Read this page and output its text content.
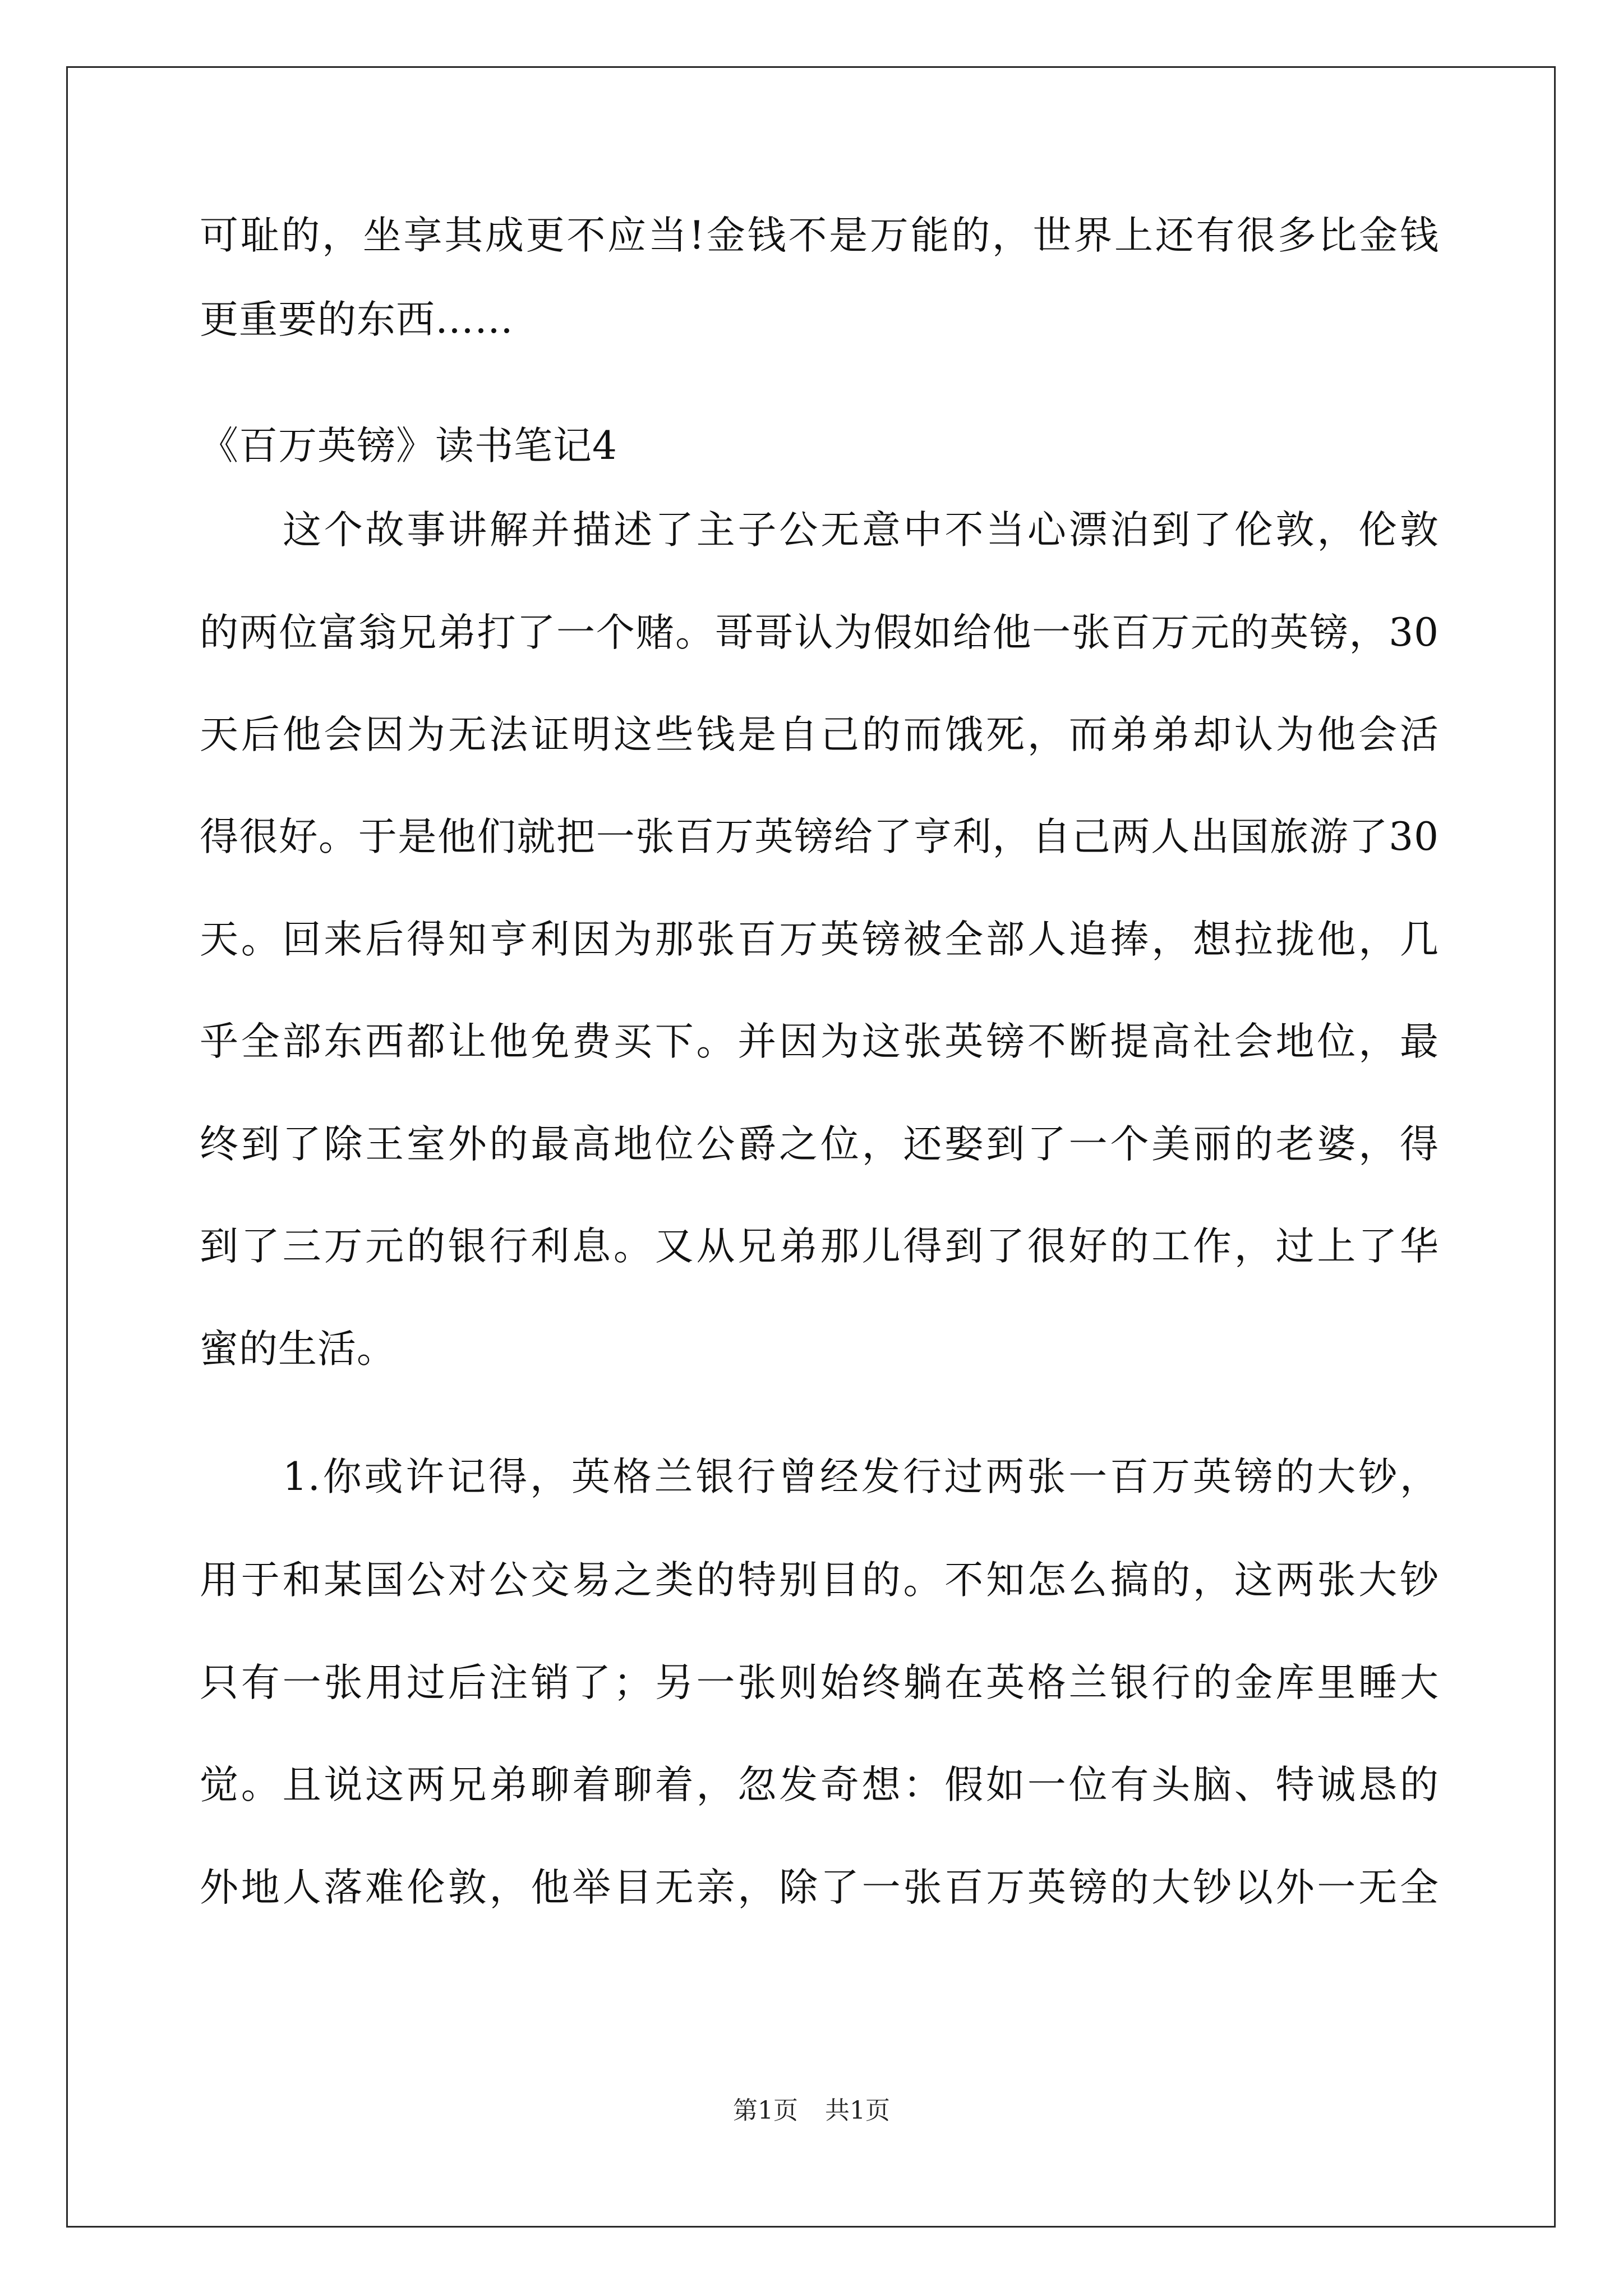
可耻的，坐享其成更不应当!金钱不是万能的，世界上还有很多比金钱
更重要的东西……
《百万英镑》读书笔记4
这个故事讲解并描述了主子公无意中不当心漂泊到了伦敦，伦敦
的两位富翁兄弟打了一个赌。哥哥认为假如给他一张百万元的英镑，30
天后他会因为无法证明这些钱是自己的而饿死，而弟弟却认为他会活
得很好。于是他们就把一张百万英镑给了亨利，自己两人出国旅游了30
天。回来后得知亨利因为那张百万英镑被全部人追捧，想拉拢他，几
乎全部东西都让他免费买下。并因为这张英镑不断提高社会地位，最
终到了除王室外的最高地位公爵之位，还娶到了一个美丽的老婆，得
到了三万元的银行利息。又从兄弟那儿得到了很好的工作，过上了华
蜜的生活。
1.你或许记得，英格兰银行曾经发行过两张一百万英镑的大钞，
用于和某国公对公交易之类的特别目的。不知怎么搞的，这两张大钞
只有一张用过后注销了；另一张则始终躺在英格兰银行的金库里睡大
觉。且说这两兄弟聊着聊着，忽发奇想：假如一位有头脑、特诚恳的
外地人落难伦敦，他举目无亲，除了一张百万英镑的大钞以外一无全
第1页 共1页
